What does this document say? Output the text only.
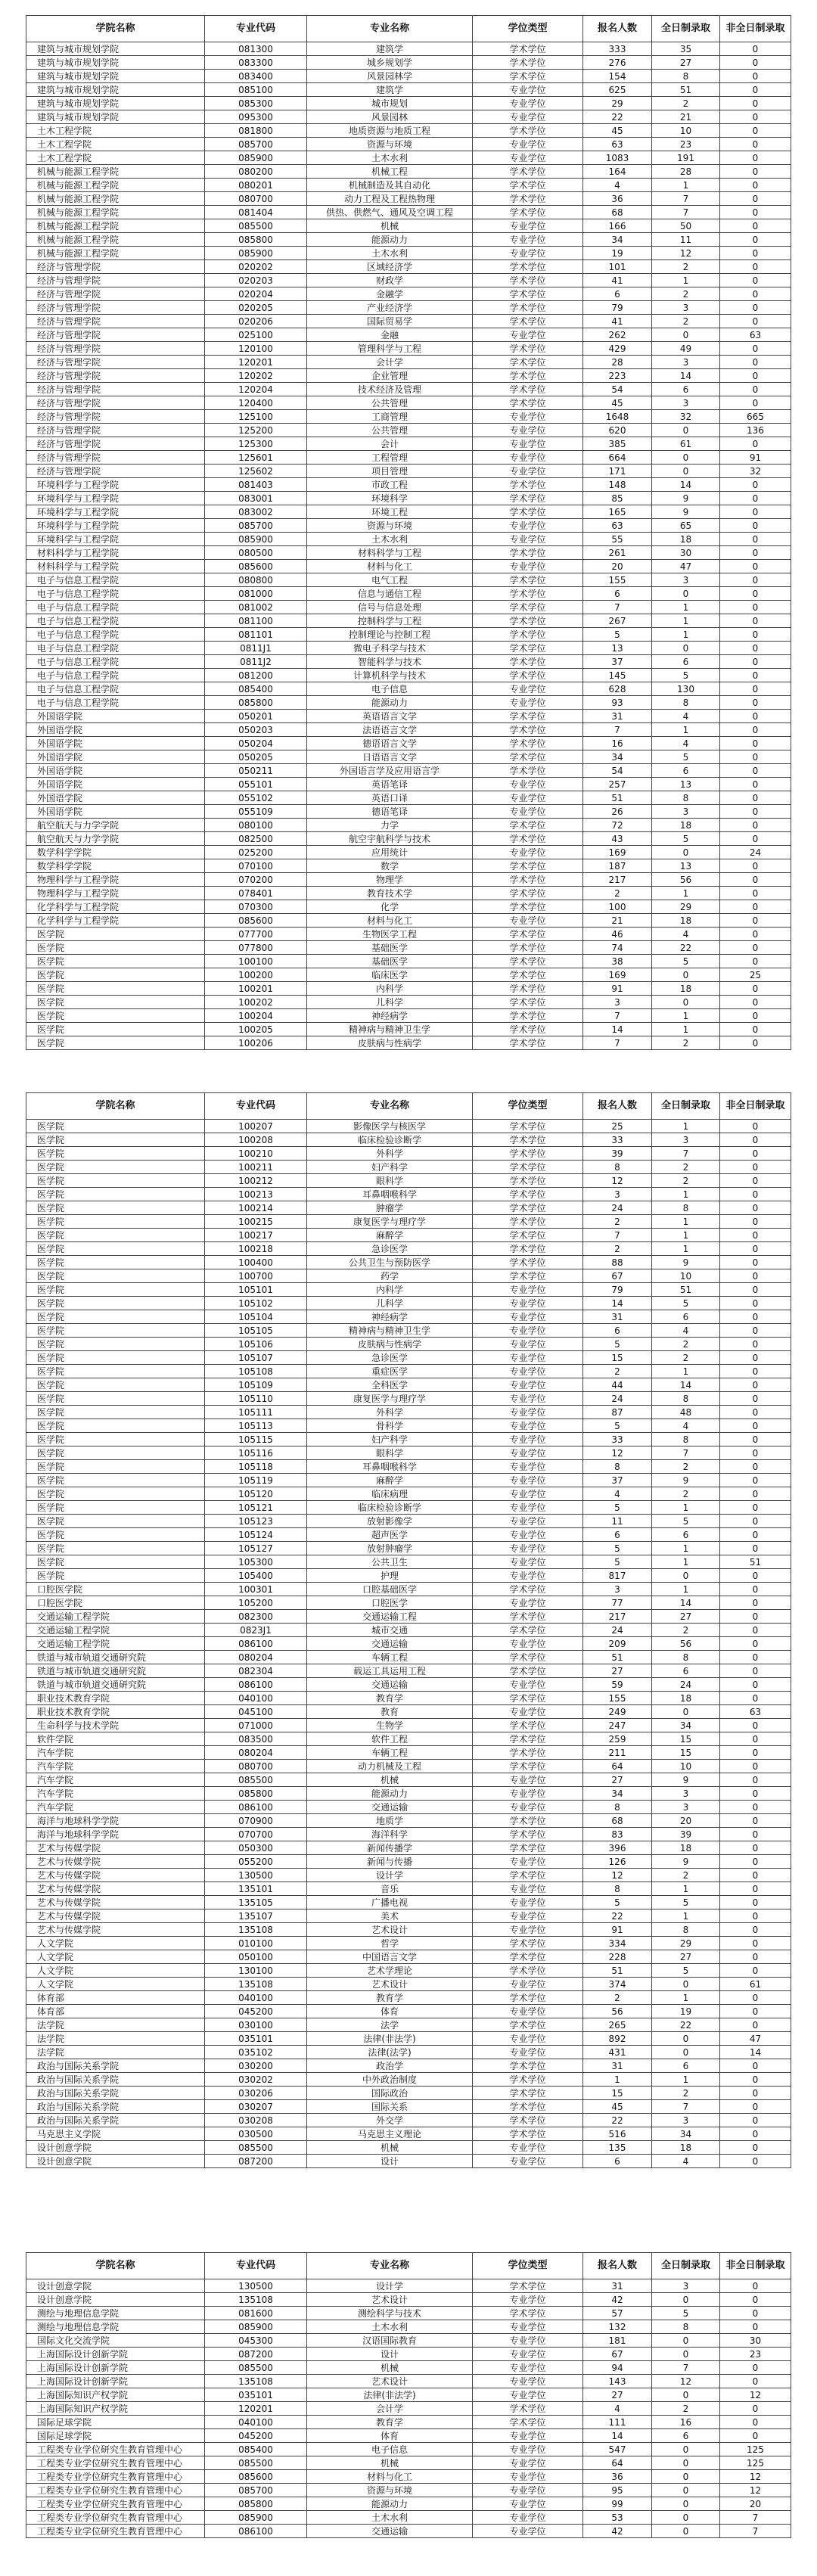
学院名称	专业代码	专业名称	学位类型	报名人数	全日制录取	非全日制录取
建筑与城市规划学院	081300	建筑学	学术学位	333	35	0
建筑与城市规划学院	083300	城乡规划学	学术学位	276	27	0
建筑与城市规划学院	083400	风景园林学	学术学位	154	8	0
建筑与城市规划学院	085100	建筑学	专业学位	625	51	0
建筑与城市规划学院	085300	城市规划	专业学位	29	2	0
建筑与城市规划学院	095300	风景园林	专业学位	22	21	0
土木工程学院	081800	地质资源与地质工程	学术学位	45	10	0
土木工程学院	085700	资源与环境	专业学位	63	23	0
土木工程学院	085900	土木水利	专业学位	1083	191	0
机械与能源工程学院	080200	机械工程	学术学位	164	28	0
机械与能源工程学院	080201	机械制造及其自动化	学术学位	4	1	0
机械与能源工程学院	080700	动力工程及工程热物理	学术学位	36	7	0
机械与能源工程学院	081404	供热、供燃气、通风及空调工程	学术学位	68	7	0
机械与能源工程学院	085500	机械	专业学位	166	50	0
机械与能源工程学院	085800	能源动力	专业学位	34	11	0
机械与能源工程学院	085900	土木水利	专业学位	19	12	0
经济与管理学院	020202	区域经济学	学术学位	101	2	0
经济与管理学院	020203	财政学	学术学位	41	1	0
经济与管理学院	020204	金融学	学术学位	6	2	0
经济与管理学院	020205	产业经济学	学术学位	79	3	0
经济与管理学院	020206	国际贸易学	学术学位	41	2	0
经济与管理学院	025100	金融	专业学位	262	0	63
经济与管理学院	120100	管理科学与工程	学术学位	429	49	0
经济与管理学院	120201	会计学	学术学位	28	3	0
经济与管理学院	120202	企业管理	学术学位	223	14	0
经济与管理学院	120204	技术经济及管理	学术学位	54	6	0
经济与管理学院	120400	公共管理	学术学位	45	3	0
经济与管理学院	125100	工商管理	专业学位	1648	32	665
经济与管理学院	125200	公共管理	专业学位	620	0	136
经济与管理学院	125300	会计	专业学位	385	61	0
经济与管理学院	125601	工程管理	专业学位	664	0	91
经济与管理学院	125602	项目管理	专业学位	171	0	32
环境科学与工程学院	081403	市政工程	学术学位	148	14	0
环境科学与工程学院	083001	环境科学	学术学位	85	9	0
环境科学与工程学院	083002	环境工程	学术学位	165	9	0
环境科学与工程学院	085700	资源与环境	专业学位	63	65	0
环境科学与工程学院	085900	土木水利	专业学位	55	18	0
材料科学与工程学院	080500	材料科学与工程	学术学位	261	30	0
材料科学与工程学院	085600	材料与化工	专业学位	20	47	0
电子与信息工程学院	080800	电气工程	学术学位	155	3	0
电子与信息工程学院	081000	信息与通信工程	学术学位	6	0	0
电子与信息工程学院	081002	信号与信息处理	学术学位	7	1	0
电子与信息工程学院	081100	控制科学与工程	学术学位	267	1	0
电子与信息工程学院	081101	控制理论与控制工程	学术学位	5	1	0
电子与信息工程学院	0811J1	微电子科学与技术	学术学位	13	0	0
电子与信息工程学院	0811J2	智能科学与技术	学术学位	37	6	0
电子与信息工程学院	081200	计算机科学与技术	学术学位	145	5	0
电子与信息工程学院	085400	电子信息	专业学位	628	130	0
电子与信息工程学院	085800	能源动力	专业学位	93	8	0
外国语学院	050201	英语语言文学	学术学位	31	4	0
外国语学院	050203	法语语言文学	学术学位	7	1	0
外国语学院	050204	德语语言文学	学术学位	16	4	0
外国语学院	050205	日语语言文学	学术学位	34	5	0
外国语学院	050211	外国语言学及应用语言学	学术学位	54	6	0
外国语学院	055101	英语笔译	专业学位	257	13	0
外国语学院	055102	英语口译	专业学位	51	8	0
外国语学院	055109	德语笔译	专业学位	26	3	0
航空航天与力学学院	080100	力学	学术学位	72	18	0
航空航天与力学学院	082500	航空宇航科学与技术	学术学位	43	5	0
数学科学学院	025200	应用统计	专业学位	169	0	24
数学科学学院	070100	数学	学术学位	187	13	0
物理科学与工程学院	070200	物理学	学术学位	217	56	0
物理科学与工程学院	078401	教育技术学	学术学位	2	1	0
化学科学与工程学院	070300	化学	学术学位	100	29	0
化学科学与工程学院	085600	材料与化工	专业学位	21	18	0
医学院	077700	生物医学工程	学术学位	46	4	0
医学院	077800	基础医学	学术学位	74	22	0
医学院	100100	基础医学	学术学位	38	5	0
医学院	100200	临床医学	学术学位	169	0	25
医学院	100201	内科学	学术学位	91	18	0
医学院	100202	儿科学	学术学位	3	0	0
医学院	100204	神经病学	学术学位	7	1	0
医学院	100205	精神病与精神卫生学	学术学位	14	1	0
医学院	100206	皮肤病与性病学	学术学位	7	2	0
学院名称	专业代码	专业名称	学位类型	报名人数	全日制录取	非全日制录取
医学院	100207	影像医学与核医学	学术学位	25	1	0
医学院	100208	临床检验诊断学	学术学位	33	3	0
医学院	100210	外科学	学术学位	39	7	0
医学院	100211	妇产科学	学术学位	8	2	0
医学院	100212	眼科学	学术学位	12	2	0
医学院	100213	耳鼻咽喉科学	学术学位	3	1	0
医学院	100214	肿瘤学	学术学位	24	8	0
医学院	100215	康复医学与理疗学	学术学位	2	1	0
医学院	100217	麻醉学	学术学位	7	1	0
医学院	100218	急诊医学	学术学位	2	1	0
医学院	100400	公共卫生与预防医学	学术学位	88	9	0
医学院	100700	药学	学术学位	67	10	0
医学院	105101	内科学	专业学位	79	51	0
医学院	105102	儿科学	专业学位	14	5	0
医学院	105104	神经病学	专业学位	31	6	0
医学院	105105	精神病与精神卫生学	专业学位	6	4	0
医学院	105106	皮肤病与性病学	专业学位	5	2	0
医学院	105107	急诊医学	专业学位	15	2	0
医学院	105108	重症医学	专业学位	2	1	0
医学院	105109	全科医学	专业学位	44	14	0
医学院	105110	康复医学与理疗学	专业学位	24	8	0
医学院	105111	外科学	专业学位	87	48	0
医学院	105113	骨科学	专业学位	5	4	0
医学院	105115	妇产科学	专业学位	33	8	0
医学院	105116	眼科学	专业学位	12	7	0
医学院	105118	耳鼻咽喉科学	专业学位	8	2	0
医学院	105119	麻醉学	专业学位	37	9	0
医学院	105120	临床病理	专业学位	4	2	0
医学院	105121	临床检验诊断学	专业学位	5	1	0
医学院	105123	放射影像学	专业学位	11	5	0
医学院	105124	超声医学	专业学位	6	6	0
医学院	105127	放射肿瘤学	专业学位	5	1	0
医学院	105300	公共卫生	专业学位	5	1	51
医学院	105400	护理	专业学位	817	0	0
口腔医学院	100301	口腔基础医学	学术学位	3	1	0
口腔医学院	105200	口腔医学	专业学位	77	14	0
交通运输工程学院	082300	交通运输工程	学术学位	217	27	0
交通运输工程学院	0823J1	城市交通	学术学位	24	2	0
交通运输工程学院	086100	交通运输	专业学位	209	56	0
铁道与城市轨道交通研究院	080204	车辆工程	学术学位	51	8	0
铁道与城市轨道交通研究院	082304	载运工具运用工程	学术学位	27	6	0
铁道与城市轨道交通研究院	086100	交通运输	专业学位	59	24	0
职业技术教育学院	040100	教育学	学术学位	155	18	0
职业技术教育学院	045100	教育	专业学位	249	0	63
生命科学与技术学院	071000	生物学	学术学位	247	34	0
软件学院	083500	软件工程	学术学位	259	15	0
汽车学院	080204	车辆工程	学术学位	211	15	0
汽车学院	080700	动力机械及工程	学术学位	64	10	0
汽车学院	085500	机械	专业学位	27	9	0
汽车学院	085800	能源动力	专业学位	34	3	0
汽车学院	086100	交通运输	专业学位	8	3	0
海洋与地球科学学院	070900	地质学	学术学位	68	20	0
海洋与地球科学学院	070700	海洋科学	学术学位	83	39	0
艺术与传媒学院	050300	新闻传播学	学术学位	396	18	0
艺术与传媒学院	055200	新闻与传播	专业学位	126	9	0
艺术与传媒学院	130500	设计学	学术学位	12	2	0
艺术与传媒学院	135101	音乐	专业学位	8	1	0
艺术与传媒学院	135105	广播电视	专业学位	5	5	0
艺术与传媒学院	135107	美术	专业学位	22	1	0
艺术与传媒学院	135108	艺术设计	专业学位	91	8	0
人文学院	010100	哲学	学术学位	334	29	0
人文学院	050100	中国语言文学	学术学位	228	27	0
人文学院	130100	艺术学理论	学术学位	51	5	0
人文学院	135108	艺术设计	专业学位	374	0	61
体育部	040100	教育学	学术学位	2	1	0
体育部	045200	体育	专业学位	56	19	0
法学院	030100	法学	学术学位	265	22	0
法学院	035101	法律(非法学)	专业学位	892	0	47
法学院	035102	法律(法学)	专业学位	431	0	14
政治与国际关系学院	030200	政治学	学术学位	31	6	0
政治与国际关系学院	030202	中外政治制度	学术学位	1	1	0
政治与国际关系学院	030206	国际政治	学术学位	15	2	0
政治与国际关系学院	030207	国际关系	学术学位	45	7	0
政治与国际关系学院	030208	外交学	学术学位	22	3	0
马克思主义学院	030500	马克思主义理论	学术学位	516	34	0
设计创意学院	085500	机械	专业学位	135	18	0
设计创意学院	087200	设计	专业学位	6	4	0
学院名称	专业代码	专业名称	学位类型	报名人数	全日制录取	非全日制录取
设计创意学院	130500	设计学	学术学位	31	3	0
设计创意学院	135108	艺术设计	专业学位	42	0	0
测绘与地理信息学院	081600	测绘科学与技术	学术学位	57	5	0
测绘与地理信息学院	085900	土木水利	专业学位	132	8	0
国际文化交流学院	045300	汉语国际教育	专业学位	181	0	30
上海国际设计创新学院	087200	设计	专业学位	67	0	23
上海国际设计创新学院	085500	机械	专业学位	94	7	0
上海国际设计创新学院	135108	艺术设计	专业学位	143	12	0
上海国际知识产权学院	035101	法律(非法学)	专业学位	27	0	12
上海国际知识产权学院	120201	会计学	学术学位	4	2	0
国际足球学院	040100	教育学	学术学位	111	16	0
国际足球学院	045200	体育	专业学位	14	6	0
工程类专业学位研究生教育管理中心	085400	电子信息	专业学位	547	0	125
工程类专业学位研究生教育管理中心	085500	机械	专业学位	64	0	125
工程类专业学位研究生教育管理中心	085600	材料与化工	专业学位	36	0	12
工程类专业学位研究生教育管理中心	085700	资源与环境	专业学位	95	0	12
工程类专业学位研究生教育管理中心	085800	能源动力	专业学位	99	0	20
工程类专业学位研究生教育管理中心	085900	土木水利	专业学位	53	0	7
工程类专业学位研究生教育管理中心	086100	交通运输	专业学位	42	0	7
